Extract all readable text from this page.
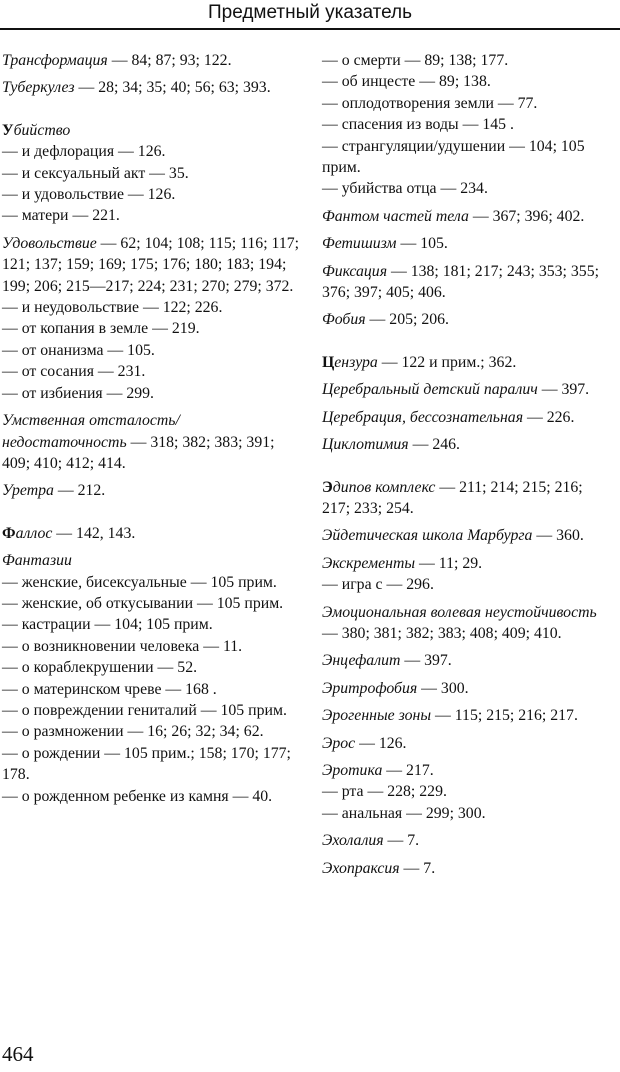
Предметный указатель
Трансформация — 84; 87; 93; 122.
Туберкулез — 28; 34; 35; 40; 56; 63; 393.
Убийство
— и дефлорация — 126.
— и сексуальный акт — 35.
— и удовольствие — 126.
— матери — 221.
Удовольствие — 62; 104; 108; 115; 116; 117; 121; 137; 159; 169; 175; 176; 180; 183; 194; 199; 206; 215—217; 224; 231; 270; 279; 372.
— и неудовольствие — 122; 226.
— от копания в земле — 219.
— от онанизма — 105.
— от сосания — 231.
— от избиения — 299.
Умственная отсталость/ недостаточность — 318; 382; 383; 391; 409; 410; 412; 414.
Уретра — 212.
Фаллос — 142, 143.
Фантазии
— женские, бисексуальные — 105 прим.
— женские, об откусывании — 105 прим.
— кастрации — 104; 105 прим.
— о возникновении человека — 11.
— о кораблекрушении — 52.
— о материнском чреве — 168 .
— о повреждении гениталий — 105 прим.
— о размножении — 16; 26; 32; 34; 62.
— о рождении — 105 прим.; 158; 170; 177; 178.
— о рожденном ребенке из камня — 40.
— о смерти — 89; 138; 177.
— об инцесте — 89; 138.
— оплодотворения земли — 77.
— спасения из воды — 145 .
— странгуляции/удушении — 104; 105 прим.
— убийства отца — 234.
Фантом частей тела — 367; 396; 402.
Фетишизм — 105.
Фиксация — 138; 181; 217; 243; 353; 355; 376; 397; 405; 406.
Фобия — 205; 206.
Цензура — 122 и прим.; 362.
Церебральный детский паралич — 397.
Церебрация, бессознательная — 226.
Циклотимия — 246.
Эдипов комплекс — 211; 214; 215; 216; 217; 233; 254.
Эйдетическая школа Марбурга — 360.
Экскременты — 11; 29.
— игра с — 296.
Эмоциональная волевая неустойчивость — 380; 381; 382; 383; 408; 409; 410.
Энцефалит — 397.
Эритрофобия — 300.
Эрогенные зоны — 115; 215; 216; 217.
Эрос — 126.
Эротика — 217.
— рта — 228; 229.
— анальная — 299; 300.
Эхолалия — 7.
Эхопраксия — 7.
464
